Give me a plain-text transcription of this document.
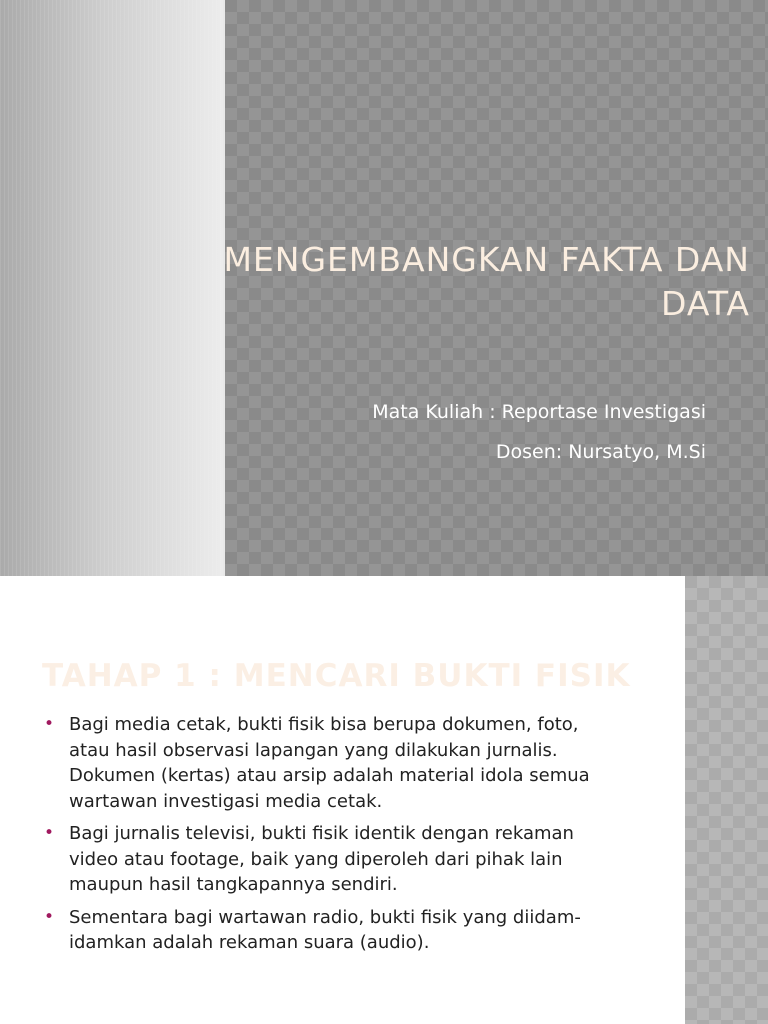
MENGEMBANGKAN FAKTA DAN
DATA
Mata Kuliah : Reportase Investigasi
Dosen: Nursatyo, M.Si
TAHAP 1 : MENCARI BUKTI FISIK
• Bagi media cetak, bukti fisik bisa berupa dokumen, foto,
atau hasil observasi lapangan yang dilakukan jurnalis.
Dokumen (kertas) atau arsip adalah material idola semua
wartawan investigasi media cetak.
• Bagi jurnalis televisi, bukti fisik identik dengan rekaman
video atau footage, baik yang diperoleh dari pihak lain
maupun hasil tangkapannya sendiri.
• Sementara bagi wartawan radio, bukti fisik yang diidam-
idamkan adalah rekaman suara (audio).
